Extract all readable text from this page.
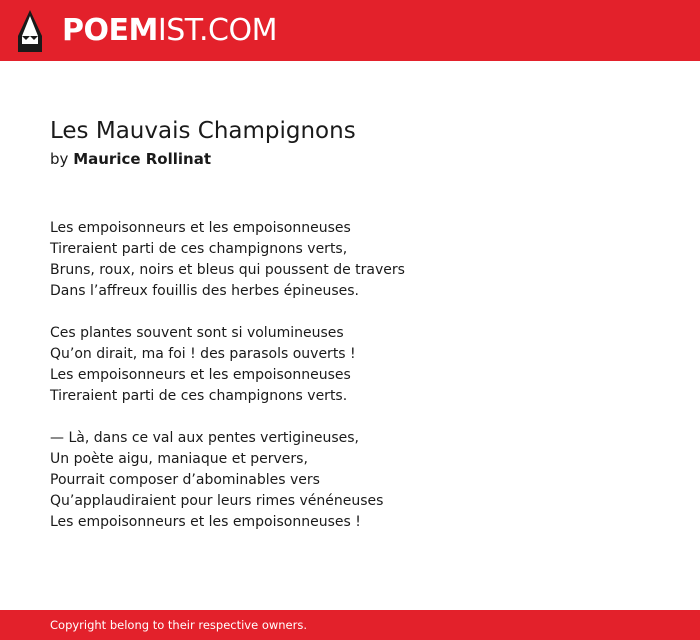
POEMIST.COM
Les Mauvais Champignons
by Maurice Rollinat
Les empoisonneurs et les empoisonneuses
Tireraient parti de ces champignons verts,
Bruns, roux, noirs et bleus qui poussent de travers
Dans l’affreux fouillis des herbes épineuses.
Ces plantes souvent sont si volumineuses
Qu’on dirait, ma foi ! des parasols ouverts !
Les empoisonneurs et les empoisonneuses
Tireraient parti de ces champignons verts.
— Là, dans ce val aux pentes vertigineuses,
Un poète aigu, maniaque et pervers,
Pourrait composer d’abominables vers
Qu’applaudiraient pour leurs rimes vénéneuses
Les empoisonneurs et les empoisonneuses !
Copyright belong to their respective owners.
